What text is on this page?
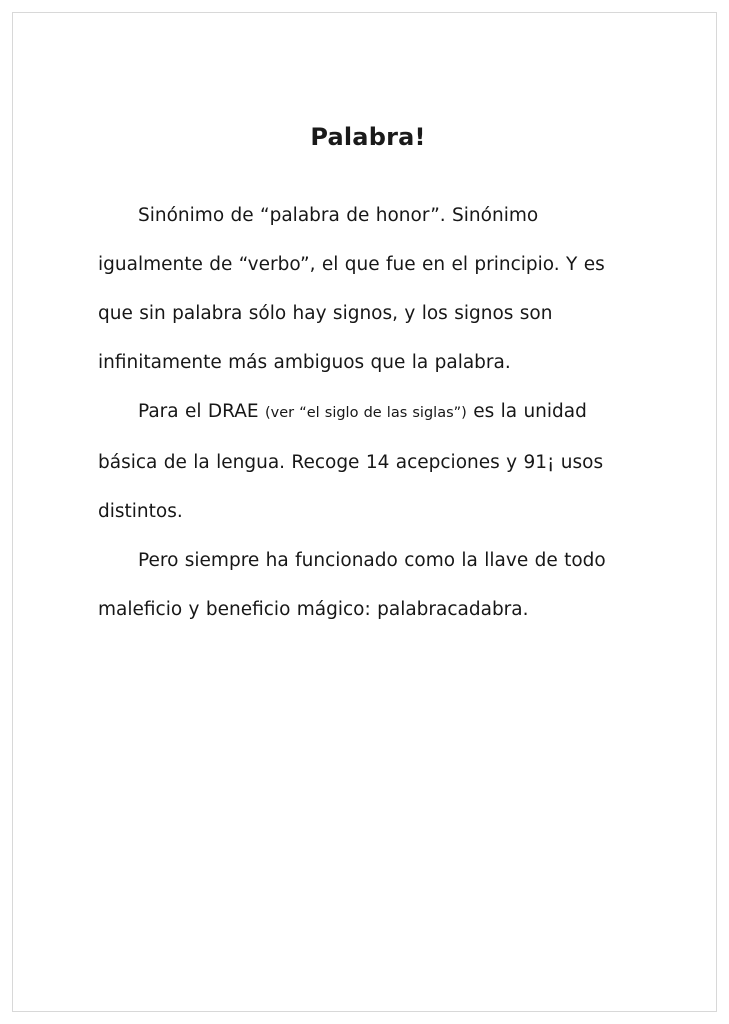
Palabra!

Sinónimo de “palabra de honor”. Sinónimo igualmente de “verbo”, el que fue en el principio. Y es que sin palabra sólo hay signos, y los signos son infinitamente más ambiguos que la palabra.

Para el DRAE (ver “el siglo de las siglas”) es la unidad básica de la lengua. Recoge 14 acepciones y 91¡ usos distintos.

Pero siempre ha funcionado como la llave de todo maleficio y beneficio mágico: palabracadabra.
